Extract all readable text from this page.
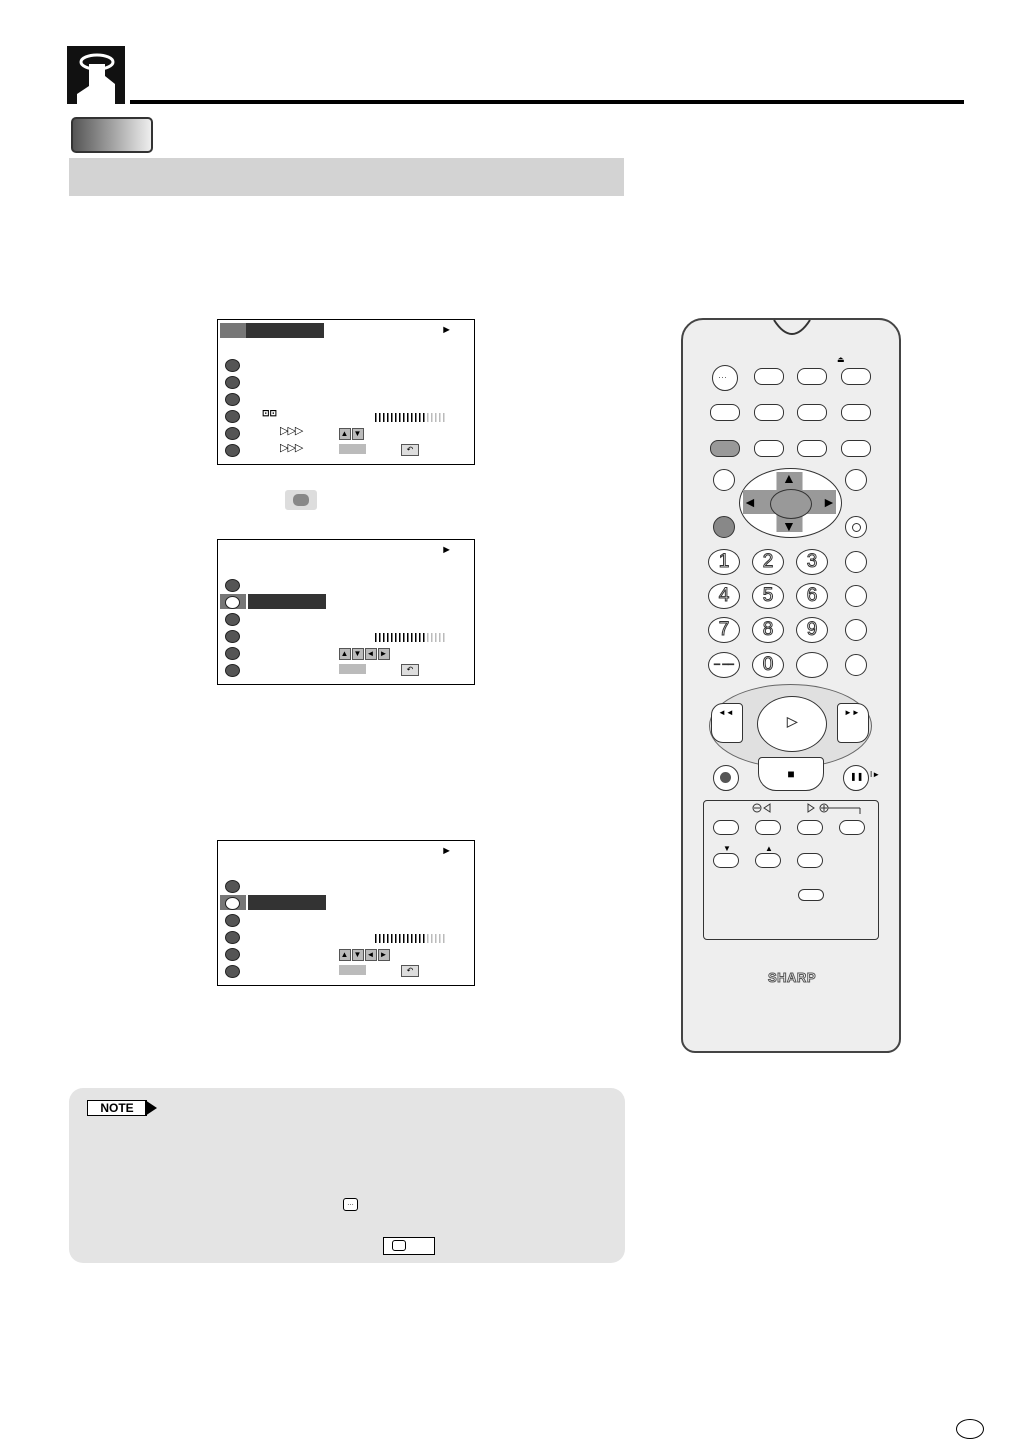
►
⊡⊡
▷▷▷
▷▷▷
▲ ▼
↶
►
▲ ▼ ◄ ►
↶
►
▲ ▼ ◄ ►
↶
NOTE
…
···
⏏
▲
▼
◄	►
1	2	3
4	5	6
7	8	9
– ––	0
◄◄	►►
►
■	❚❚ I►
▼	▲
SHARP
